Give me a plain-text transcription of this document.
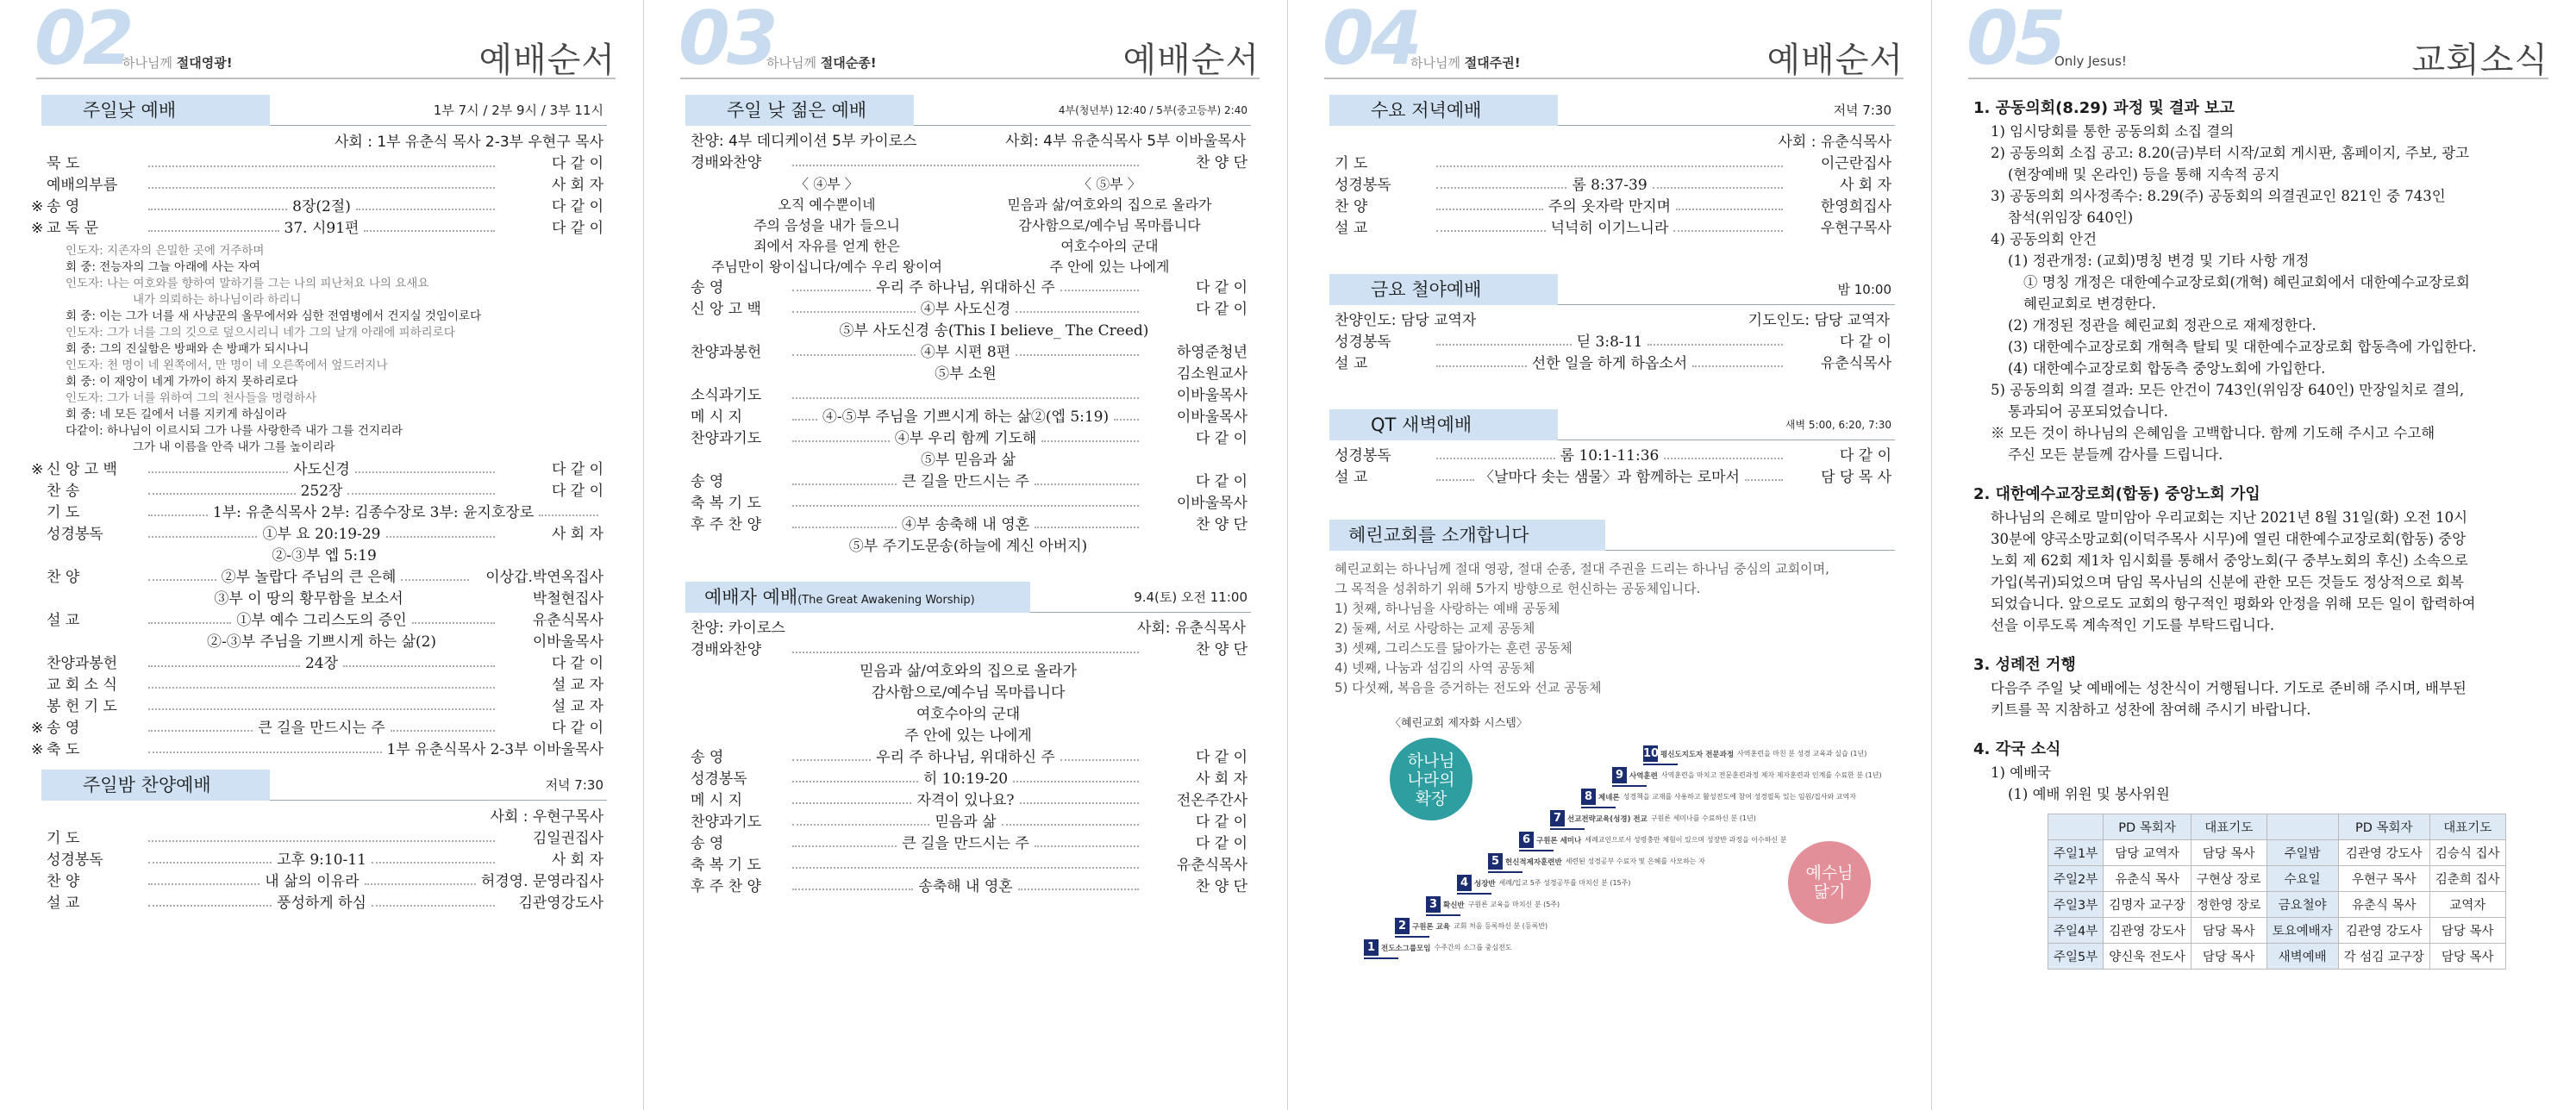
02
하나님께 절대영광!	예배순서
주일낮 예배	1부 7시 / 2부 9시 / 3부 11시
사회 : 1부 유춘식 목사 2-3부 우현구 목사
묵 도	다 같 이
예배의부름	사 회 자
※ 송 영	8장(2절)	다 같 이
※ 교 독 문	37. 시91편	다 같 이
인도자: 지존자의 은밀한 곳에 거주하며
회 중: 전능자의 그늘 아래에 사는 자여
인도자: 나는 여호와를 향하여 말하기를 그는 나의 피난처요 나의 요새요
내가 의뢰하는 하나님이라 하리니
회 중: 이는 그가 너를 새 사냥꾼의 올무에서와 심한 전염병에서 건지실 것임이로다
인도자: 그가 너를 그의 깃으로 덮으시리니 네가 그의 날개 아래에 피하리로다
회 중: 그의 진실함은 방패와 손 방패가 되시나니
인도자: 천 명이 네 왼쪽에서, 만 명이 네 오른쪽에서 엎드러지나
회 중: 이 재앙이 네게 가까이 하지 못하리로다
인도자: 그가 너를 위하여 그의 천사들을 명령하사
회 중: 네 모든 길에서 너를 지키게 하심이라
다같이: 하나님이 이르시되 그가 나를 사랑한즉 내가 그를 건지리라
그가 내 이름을 안즉 내가 그를 높이리라
※ 신 앙 고 백	사도신경	다 같 이
찬 송	252장	다 같 이
기 도	1부: 유춘식목사 2부: 김종수장로 3부: 윤지호장로
성경봉독	①부 요 20:19-29	사 회 자
②-③부 엡 5:19
찬 양	②부 놀랍다 주님의 큰 은혜	이상갑.박연옥집사
③부 이 땅의 황무함을 보소서	박철현집사
설 교	①부 예수 그리스도의 증인	유춘식목사
②-③부 주님을 기쁘시게 하는 삶(2)	이바울목사
찬양과봉헌	24장	다 같 이
교 회 소 식	설 교 자
봉 헌 기 도	설 교 자
※ 송 영	큰 길을 만드시는 주	다 같 이
※ 축 도	1부 유춘식목사 2-3부 이바울목사
주일밤 찬양예배	저녁 7:30
사회 : 우현구목사
기 도	김일권집사
성경봉독	고후 9:10-11	사 회 자
찬 양	내 삶의 이유라	허경영. 문영라집사
설 교	풍성하게 하심	김관영강도사
03
하나님께 절대순종!	예배순서
주일 낮 젊은 예배	4부(청년부) 12:40 / 5부(중고등부) 2:40
찬양: 4부 데디케이션 5부 카이로스	사회: 4부 유춘식목사 5부 이바울목사
경배와찬양	찬 양 단
〈 ④부 〉
오직 예수뿐이네
주의 음성을 내가 들으니
죄에서 자유를 얻게 한은
주님만이 왕이십니다/예수 우리 왕이여
〈 ⑤부 〉
믿음과 삶/여호와의 집으로 올라가
감사함으로/예수님 목마릅니다
여호수아의 군대
주 안에 있는 나에게
송 영	우리 주 하나님, 위대하신 주	다 같 이
신 앙 고 백	④부 사도신경	다 같 이
⑤부 사도신경 송(This I believe_ The Creed)
찬양과봉헌	④부 시편 8편	하영준청년
⑤부 소원	김소원교사
소식과기도	이바울목사
메 시 지	④-⑤부 주님을 기쁘시게 하는 삶②(엡 5:19)	이바울목사
찬양과기도	④부 우리 함께 기도해	다 같 이
⑤부 믿음과 삶
송 영	큰 길을 만드시는 주	다 같 이
축 복 기 도	이바울목사
후 주 찬 양	④부 송축해 내 영혼	찬 양 단
⑤부 주기도문송(하늘에 계신 아버지)
예배자 예배(The Great Awakening Worship)	9.4(토) 오전 11:00
찬양: 카이로스	사회: 유춘식목사
경배와찬양	찬 양 단
믿음과 삶/여호와의 집으로 올라가
감사함으로/예수님 목마릅니다
여호수아의 군대
주 안에 있는 나에게
송 영	우리 주 하나님, 위대하신 주	다 같 이
성경봉독	히 10:19-20	사 회 자
메 시 지	자격이 있나요?	전온주간사
찬양과기도	믿음과 삶	다 같 이
송 영	큰 길을 만드시는 주	다 같 이
축 복 기 도	유춘식목사
후 주 찬 양	송축해 내 영혼	찬 양 단
04
하나님께 절대주권!	예배순서
수요 저녁예배	저녁 7:30
사회 : 유춘식목사
기 도	이근란집사
성경봉독	롬 8:37-39	사 회 자
찬 양	주의 옷자락 만지며	한영희집사
설 교	넉넉히 이기느니라	우현구목사
금요 철야예배	밤 10:00
찬양인도: 담당 교역자	기도인도: 담당 교역자
성경봉독	딛 3:8-11	다 같 이
설 교	선한 일을 하게 하옵소서	유춘식목사
QT 새벽예배	새벽 5:00, 6:20, 7:30
성경봉독	롬 10:1-11:36	다 같 이
설 교	〈날마다 솟는 샘물〉과 함께하는 로마서	담 당 목 사
혜린교회를 소개합니다
혜린교회는 하나님께 절대 영광, 절대 순종, 절대 주권을 드리는 하나님 중심의 교회이며,
그 목적을 성취하기 위해 5가지 방향으로 헌신하는 공동체입니다.
1) 첫째, 하나님을 사랑하는 예배 공동체
2) 둘째, 서로 사랑하는 교제 공동체
3) 셋째, 그리스도를 닮아가는 훈련 공동체
4) 넷째, 나눔과 섬김의 사역 공동체
5) 다섯째, 복음을 증거하는 전도와 선교 공동체
〈혜린교회 제자화 시스템〉
하나님
나라의
확장
예수님
닮기
1 전도소그룹모임 수주간의 소그룹 중심전도
2 구원론 교육 교회 처음 등록하신 분 (등록반)
3 확신반 구원론 교육을 마치신 분 (5주)
4 성장반 세례/입교 5주 성경공부를 마치신 분 (15주)
5 헌신적제자훈련반 세련된 성경공부 수료자 및 은혜를 사모하는 자
6 구원론 세미나 세례교인으로서 성령충만 체험이 있으며 성장반 과정을 이수하신 분
7 선교전략교육(성경) 전교 구원론 세미나를 수료하신 분 (1년)
8 제네론 성경책을 교재를 사용하고 활성전도에 참여 성경필독 있는 임원/집사와 교역자
9 사역훈련 사역훈련을 마치고 전문훈련과정 제자 제자훈련과 인계를 수료한 분 (1년)
10 평신도지도자 전문과정 사역훈련을 마친 분 성경 교육과 실습 (1년)
05
Only Jesus!	교회소식
1. 공동의회(8.29) 과정 및 결과 보고

1) 임시당회를 통한 공동의회 소집 결의

2) 공동의회 소집 공고: 8.20(금)부터 시작/교회 게시판, 홈페이지, 주보, 광고

(현장예배 및 온라인) 등을 통해 지속적 공지

3) 공동의회 의사정족수: 8.29(주) 공동회의 의결권교인 821인 중 743인

참석(위임장 640인)

4) 공동의회 안건

(1) 정관개정: (교회)명칭 변경 및 기타 사항 개정

① 명칭 개정은 대한예수교장로회(개혁) 혜린교회에서 대한예수교장로회

혜린교회로 변경한다.

(2) 개정된 정관을 혜린교회 정관으로 재제정한다.

(3) 대한예수교장로회 개혁측 탈퇴 및 대한예수교장로회 합동측에 가입한다.

(4) 대한예수교장로회 합동측 중앙노회에 가입한다.

5) 공동의회 의결 결과: 모든 안건이 743인(위임장 640인) 만장일치로 결의,

통과되어 공포되었습니다.

※ 모든 것이 하나님의 은혜임을 고백합니다. 함께 기도해 주시고 수고해

주신 모든 분들께 감사를 드립니다.

2. 대한예수교장로회(합동) 중앙노회 가입

하나님의 은혜로 말미암아 우리교회는 지난 2021년 8월 31일(화) 오전 10시

30분에 양곡소망교회(이덕주목사 시무)에 열린 대한예수교장로회(합동) 중앙

노회 제 62회 제1차 임시회를 통해서 중앙노회(구 중부노회의 후신) 소속으로

가입(복귀)되었으며 담임 목사님의 신분에 관한 모든 것들도 정상적으로 회복

되었습니다. 앞으로도 교회의 항구적인 평화와 안정을 위해 모든 일이 합력하여

선을 이루도록 계속적인 기도를 부탁드립니다.

3. 성례전 거행

다음주 주일 낮 예배에는 성찬식이 거행됩니다. 기도로 준비해 주시며, 배부된

키트를 꼭 지참하고 성찬에 참여해 주시기 바랍니다.

4. 각국 소식

1) 예배국

(1) 예배 위원 및 봉사위원

	PD 목회자	대표기도		PD 목회자	대표기도
주일1부	담당 교역자	담당 목사	주일밤	김관영 강도사	김승식 집사
주일2부	유춘식 목사	구현상 장로	수요일	우현구 목사	김춘희 집사
주일3부	김명자 교구장	정한영 장로	금요철야	유춘식 목사	교역자
주일4부	김관영 강도사	담당 목사	토요예배자	김관영 강도사	담당 목사
주일5부	양신욱 전도사	담당 목사	새벽예배	각 섬김 교구장	담당 목사
